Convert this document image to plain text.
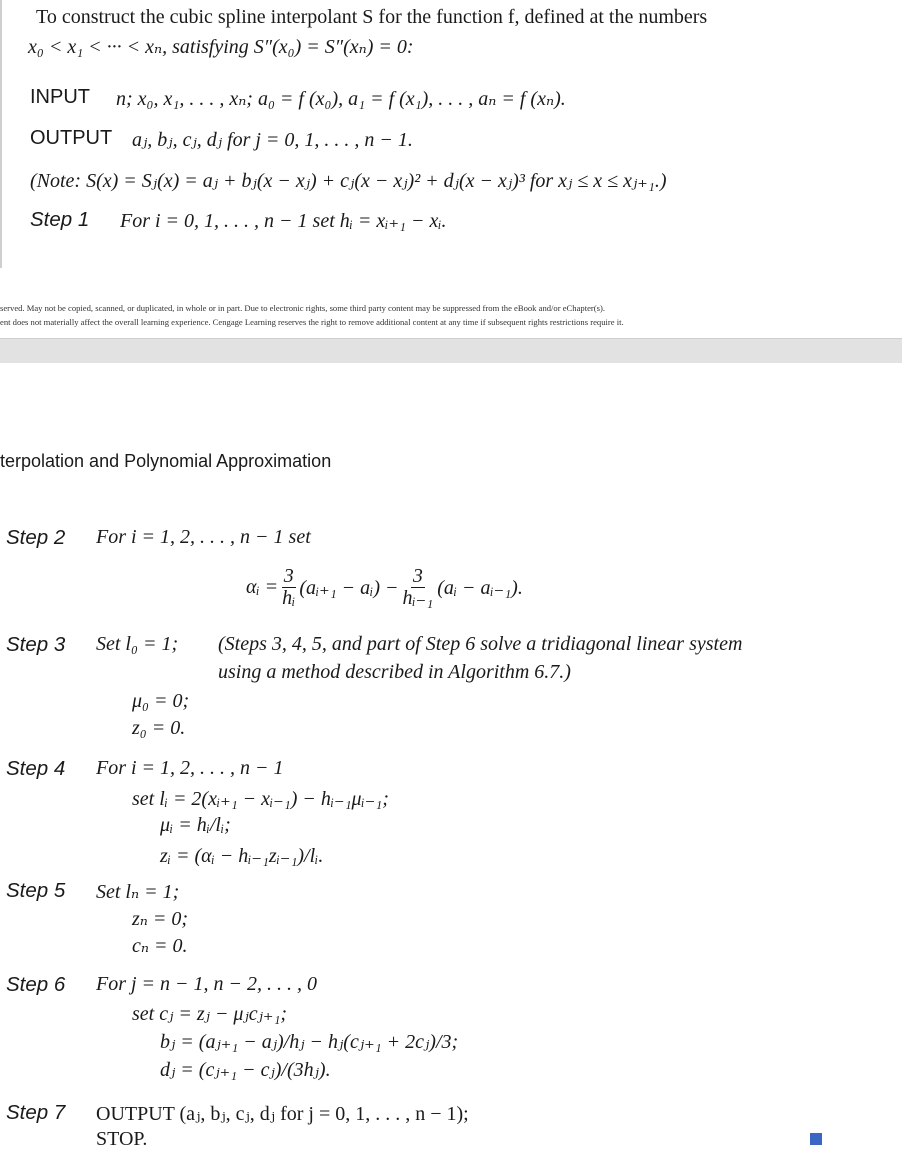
To construct the cubic spline interpolant S for the function f, defined at the numbers
x₀ < x₁ < ··· < xₙ, satisfying S″(x₀) = S″(xₙ) = 0:
INPUT n; x₀, x₁, . . . , xₙ; a₀ = f (x₀), a₁ = f (x₁), . . . , aₙ = f (xₙ).
OUTPUT aⱼ, bⱼ, cⱼ, dⱼ for j = 0, 1, . . . , n − 1.
(Note: S(x) = Sⱼ(x) = aⱼ + bⱼ(x − xⱼ) + cⱼ(x − xⱼ)² + dⱼ(x − xⱼ)³ for xⱼ ≤ x ≤ xⱼ₊₁.)
Step 1 For i = 0, 1, . . . , n − 1 set hᵢ = xᵢ₊₁ − xᵢ.
served. May not be copied, scanned, or duplicated, in whole or in part. Due to electronic rights, some third party content may be suppressed from the eBook and/or eChapter(s).
ent does not materially affect the overall learning experience. Cengage Learning reserves the right to remove additional content at any time if subsequent rights restrictions require it.
terpolation and Polynomial Approximation
Step 2 For i = 1, 2, . . . , n − 1 set
αᵢ = $\frac{3}{\text{hᵢ}}$ (aᵢ₊₁ − aᵢ) − $\frac{3}{\text{hᵢ₋₁}}$ (aᵢ − aᵢ₋₁).
Step 3 Set l₀ = 1; (Steps 3, 4, 5, and part of Step 6 solve a tridiagonal linear system
using a method described in Algorithm 6.7.)
μ₀ = 0;
z₀ = 0.
Step 4 For i = 1, 2, . . . , n − 1
set lᵢ = 2(xᵢ₊₁ − xᵢ₋₁) − hᵢ₋₁μᵢ₋₁;
μᵢ = hᵢ/lᵢ;
zᵢ = (αᵢ − hᵢ₋₁zᵢ₋₁)/lᵢ.
Step 5 Set lₙ = 1;
zₙ = 0;
cₙ = 0.
Step 6 For j = n − 1, n − 2, . . . , 0
set cⱼ = zⱼ − μⱼcⱼ₊₁;
bⱼ = (aⱼ₊₁ − aⱼ)/hⱼ − hⱼ(cⱼ₊₁ + 2cⱼ)/3;
dⱼ = (cⱼ₊₁ − cⱼ)/(3hⱼ).
Step 7 OUTPUT (aⱼ, bⱼ, cⱼ, dⱼ for j = 0, 1, . . . , n − 1);
STOP.
